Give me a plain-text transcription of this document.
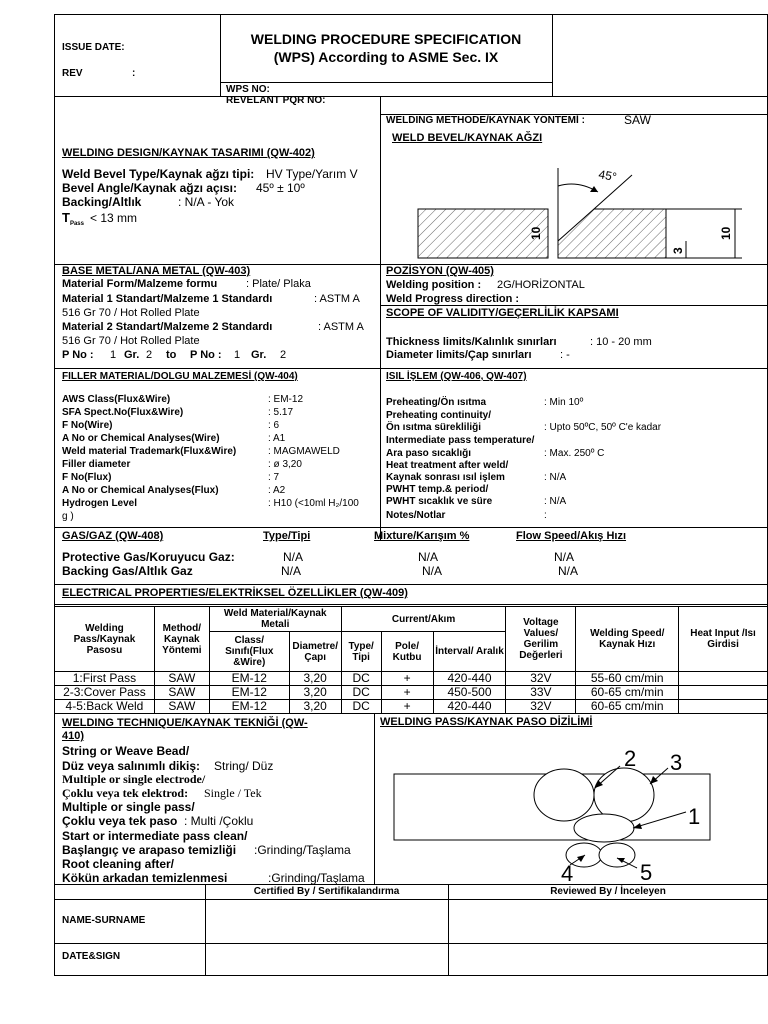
ISSUE DATE:
REV	:
WELDING PROCEDURE SPECIFICATION
(WPS) According to ASME Sec. IX
WPS NO:
REVELANT PQR NO:
WELDING METHODE/KAYNAK YÖNTEMİ :	SAW
WELDING DESIGN/KAYNAK TASARIMI (QW-402)
Weld Bevel Type/Kaynak ağzı tipi: HV Type/Yarım V
Bevel Angle/Kaynak ağzı açısı: 45º ± 10º
Backing/Altlık	: N/A - Yok
$T_{Pass} < 13$ mm
WELD BEVEL/KAYNAK AĞZI
45°
10
3
10
BASE METAL/ANA METAL (QW-403)
Material Form/Malzeme formu	: Plate/ Plaka
Material 1 Standart/Malzeme 1 Standardı	: ASTM A
516 Gr 70 / Hot Rolled Plate
Material 2 Standart/Malzeme 2 Standardı	: ASTM A
516 Gr 70 / Hot Rolled Plate
P No : 1 Gr. 2 to P No : 1 Gr. 2
POZİSYON (QW-405)
Welding position : 2G/HORİZONTAL
Weld Progress direction :
SCOPE OF VALIDITY/GEÇERLİLİK KAPSAMI
Thickness limits/Kalınlık sınırları	: 10 - 20 mm
Diameter limits/Çap sınırları	: -
FILLER MATERIAL/DOLGU MALZEMESİ (QW-404)
AWS Class(Flux&Wire)	: EM-12
SFA Spect.No(Flux&Wire)	: 5.17
F No(Wire)	: 6
A No or Chemical Analyses(Wire)	: A1
Weld material Trademark(Flux&Wire)	: MAGMAWELD
Filler diameter	: ø 3,20
F No(Flux)	: 7
A No or Chemical Analyses(Flux)	: A2
Hydrogen Level	: H10 (<10ml H₂/100
g )
ISIL İŞLEM (QW-406, QW-407)
Preheating/Ön ısıtma	: Min 10º
Preheating continuity/
Ön ısıtma sürekliliği	: Upto 50ºC, 50º C'e kadar
Intermediate pass temperature/
Ara paso sıcaklığı	: Max. 250º C
Heat treatment after weld/
Kaynak sonrası ısıl işlem	: N/A
PWHT temp.& period/
PWHT sıcaklık ve süre	: N/A
Notes/Notlar	:
GAS/GAZ (QW-408)	Type/Tipi	Mixture/Karışım %	Flow Speed/Akış Hızı
Protective Gas/Koruyucu Gaz:	N/A	N/A	N/A
Backing Gas/Altlık Gaz	N/A	N/A	N/A
ELECTRICAL PROPERTIES/ELEKTRİKSEL ÖZELLİKLER (QW-409)
Welding Pass/Kaynak Pasosu	Method/ Kaynak Yöntemi	Weld Material/Kaynak Metali		Current/Akım			Voltage Values/ Gerilim Değerleri	Welding Speed/ Kaynak Hızı	Heat Input /Isı Girdisi
		Class/ Sınıfı(Flux &Wire)	Diametre/ Çapı	Type/ Tipi	Pole/ Kutbu	İnterval/ Aralık			
1:First Pass	SAW	EM-12	3,20	DC	+	420-440	32V	55-60 cm/min	
2-3:Cover Pass	SAW	EM-12	3,20	DC	+	450-500	33V	60-65 cm/min	
4-5:Back Weld	SAW	EM-12	3,20	DC	+	420-440	32V	60-65 cm/min	
WELDING TECHNIQUE/KAYNAK TEKNİĞİ (QW-
410)
String or Weave Bead/
Düz veya salınımlı dikiş: String/ Düz
Multiple or single electrode/
Çoklu veya tek elektrod: Single / Tek
Multiple or single pass/
Çoklu veya tek paso : Multi /Çoklu
Start or intermediate pass clean/
Başlangıç ve arapaso temizliği :Grinding/Taşlama
Root cleaning after/
Kökün arkadan temizlenmesi	:Grinding/Taşlama
WELDING PASS/KAYNAK PASO DİZİLİMİ
2 3
1
4	5
Certified By / Sertifikalandırma	Reviewed By / İnceleyen
NAME-SURNAME
DATE&SIGN
